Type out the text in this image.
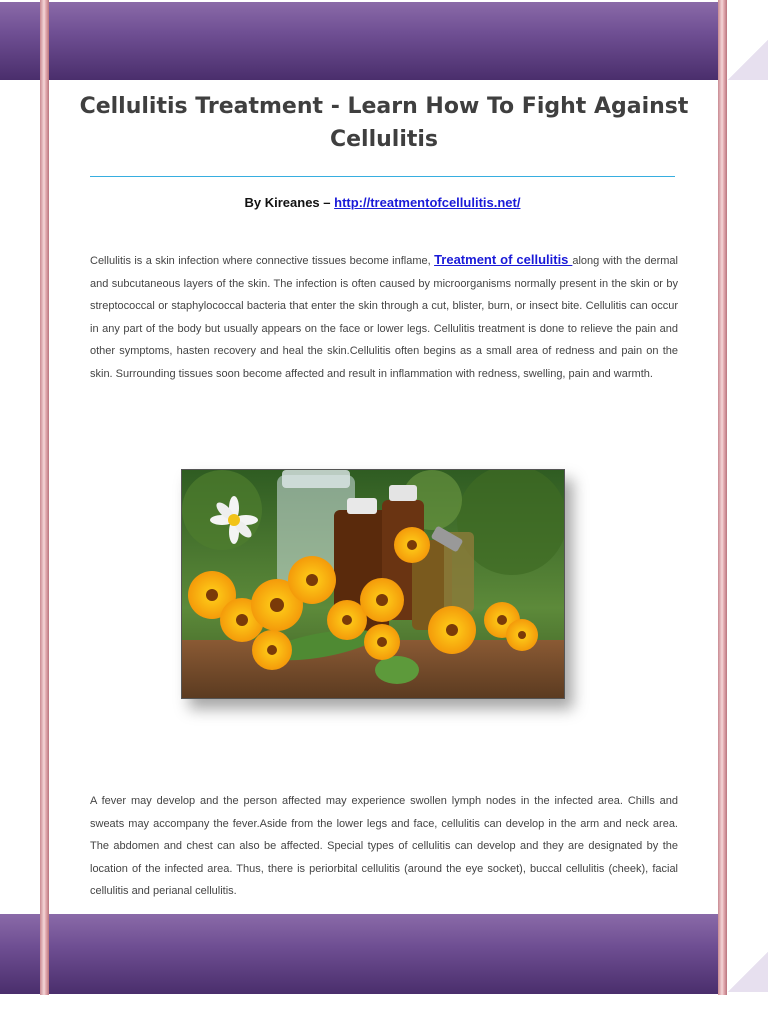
Cellulitis Treatment - Learn How To Fight Against Cellulitis
By Kireanes – http://treatmentofcellulitis.net/

Cellulitis is a skin infection where connective tissues become inflame, Treatment of cellulitis along with the dermal and subcutaneous layers of the skin. The infection is often caused by microorganisms normally present in the skin or by streptococcal or staphylococcal bacteria that enter the skin through a cut, blister, burn, or insect bite. Cellulitis can occur in any part of the body but usually appears on the face or lower legs. Cellulitis treatment is done to relieve the pain and other symptoms, hasten recovery and heal the skin.Cellulitis often begins as a small area of redness and pain on the skin. Surrounding tissues soon become affected and result in inflammation with redness, swelling, pain and warmth.

A fever may develop and the person affected may experience swollen lymph nodes in the infected area. Chills and sweats may accompany the fever.Aside from the lower legs and face, cellulitis can develop in the arm and neck area. The abdomen and chest can also be affected. Special types of cellulitis can develop and they are designated by the location of the infected area. Thus, there is periorbital cellulitis (around the eye socket), buccal cellulitis (cheek), facial cellulitis and perianal cellulitis.
